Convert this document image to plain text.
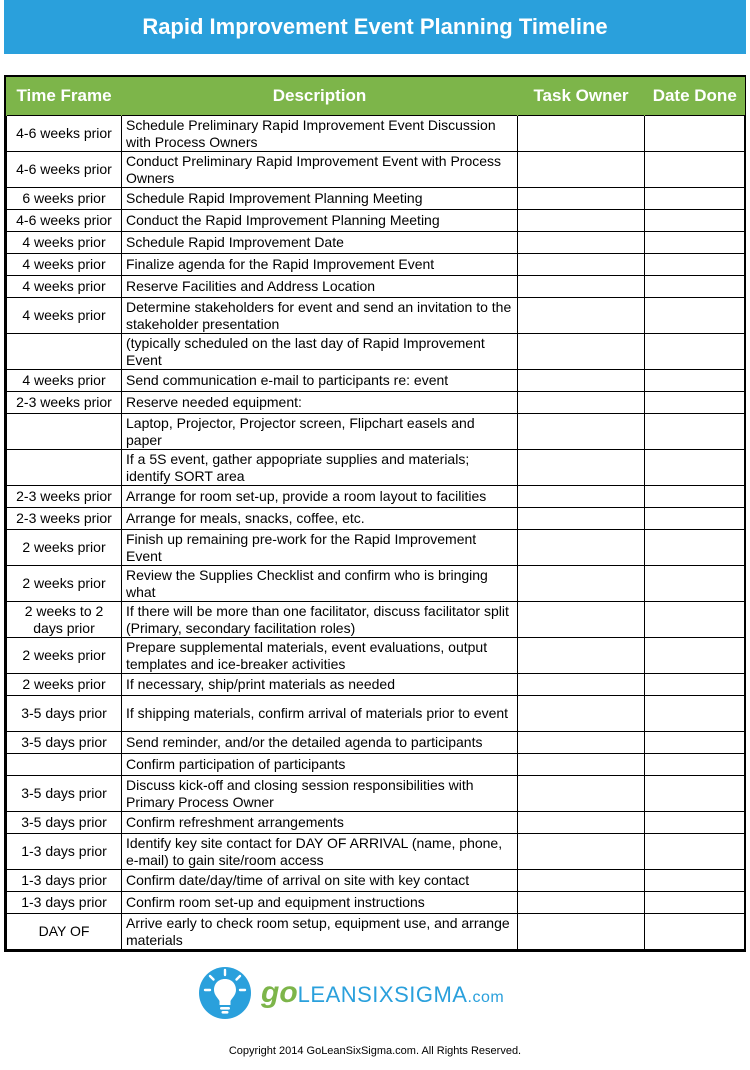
Rapid Improvement Event Planning Timeline
Time Frame	Description	Task Owner	Date Done
4-6 weeks prior	Schedule Preliminary Rapid Improvement Event Discussion with Process Owners		
4-6 weeks prior	Conduct Preliminary Rapid Improvement Event with Process Owners		
6 weeks prior	Schedule Rapid Improvement Planning Meeting		
4-6 weeks prior	Conduct the Rapid Improvement Planning Meeting		
4 weeks prior	Schedule Rapid Improvement Date		
4 weeks prior	Finalize agenda for the Rapid Improvement Event		
4 weeks prior	Reserve Facilities and Address Location		
4 weeks prior	Determine stakeholders for event and send an invitation to the stakeholder presentation		
	(typically scheduled on the last day of Rapid Improvement Event		
4 weeks prior	Send communication e-mail to participants re: event		
2-3 weeks prior	Reserve needed equipment:		
	Laptop, Projector, Projector screen, Flipchart easels and paper		
	If a 5S event, gather appopriate supplies and materials; identify SORT area		
2-3 weeks prior	Arrange for room set-up, provide a room layout to facilities		
2-3 weeks prior	Arrange for meals, snacks, coffee, etc.		
2 weeks prior	Finish up remaining pre-work for the Rapid Improvement Event		
2 weeks prior	Review the Supplies Checklist and confirm who is bringing what		
2 weeks to 2 days prior	If there will be more than one facilitator, discuss facilitator split (Primary, secondary facilitation roles)		
2 weeks prior	Prepare supplemental materials, event evaluations, output templates and ice-breaker activities		
2 weeks prior	If necessary, ship/print materials as needed		
3-5 days prior	If shipping materials, confirm arrival of materials prior to event		
3-5 days prior	Send reminder, and/or the detailed agenda to participants		
	Confirm participation of participants		
3-5 days prior	Discuss kick-off and closing session responsibilities with Primary Process Owner		
3-5 days prior	Confirm refreshment arrangements		
1-3 days prior	Identify key site contact for DAY OF ARRIVAL (name, phone, e-mail) to gain site/room access		
1-3 days prior	Confirm date/day/time of arrival on site with key contact		
1-3 days prior	Confirm room set-up and equipment instructions		
DAY OF	Arrive early to check room setup, equipment use, and arrange materials		
go LEANSIXSIGMA .com
Copyright 2014 GoLeanSixSigma.com. All Rights Reserved.
